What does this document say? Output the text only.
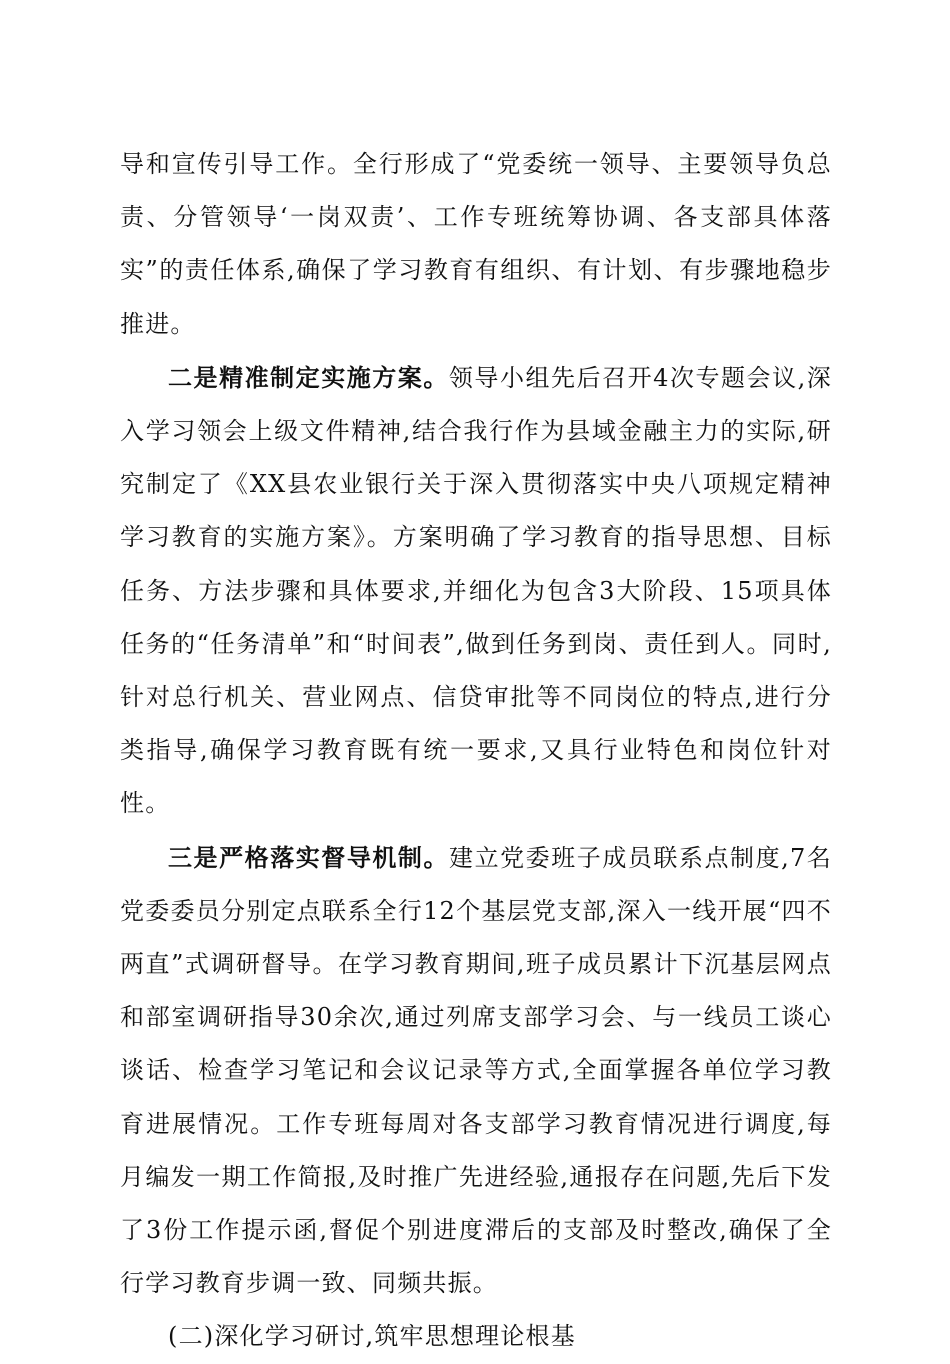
导和宣传引导工作。全行形成了“党委统一领导、主要领导负总责、分管领导‘一岗双责’、工作专班统筹协调、各支部具体落实”的责任体系,确保了学习教育有组织、有计划、有步骤地稳步推进。

二是精准制定实施方案。领导小组先后召开4次专题会议,深入学习领会上级文件精神,结合我行作为县域金融主力的实际,研究制定了《XX县农业银行关于深入贯彻落实中央八项规定精神学习教育的实施方案》。方案明确了学习教育的指导思想、目标任务、方法步骤和具体要求,并细化为包含3大阶段、15项具体任务的“任务清单”和“时间表”,做到任务到岗、责任到人。同时,针对总行机关、营业网点、信贷审批等不同岗位的特点,进行分类指导,确保学习教育既有统一要求,又具行业特色和岗位针对性。

三是严格落实督导机制。建立党委班子成员联系点制度,7名党委委员分别定点联系全行12个基层党支部,深入一线开展“四不两直”式调研督导。在学习教育期间,班子成员累计下沉基层网点和部室调研指导30余次,通过列席支部学习会、与一线员工谈心谈话、检查学习笔记和会议记录等方式,全面掌握各单位学习教育进展情况。工作专班每周对各支部学习教育情况进行调度,每月编发一期工作简报,及时推广先进经验,通报存在问题,先后下发了3份工作提示函,督促个别进度滞后的支部及时整改,确保了全行学习教育步调一致、同频共振。

(二)深化学习研讨,筑牢思想理论根基
